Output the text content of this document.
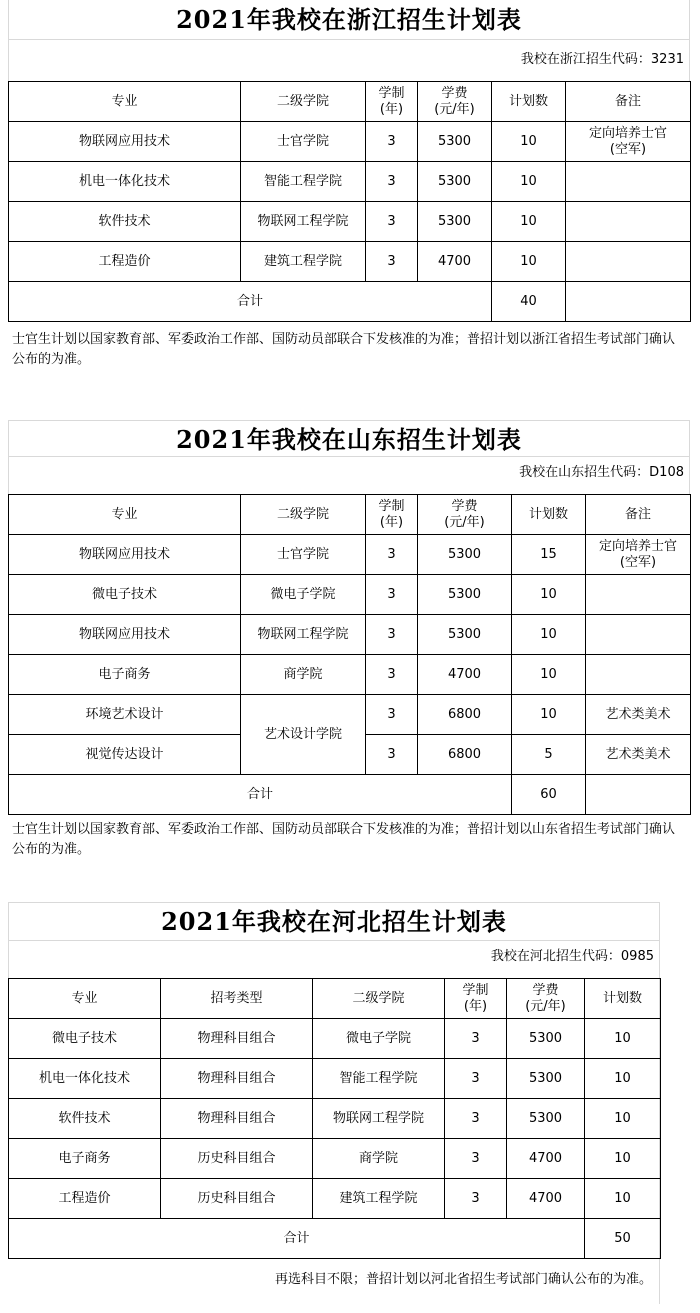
2021年我校在浙江招生计划表
我校在浙江招生代码：3231
专业	二级学院	学制
(年)	学费
(元/年)	计划数	备注
物联网应用技术	士官学院	3	5300	10	定向培养士官
(空军)
机电一体化技术	智能工程学院	3	5300	10	
软件技术	物联网工程学院	3	5300	10	
工程造价	建筑工程学院	3	4700	10	
合计				40	
士官生计划以国家教育部、军委政治工作部、国防动员部联合下发核准的为准；普招计划以浙江省招生考试部门确认公布的为准。
2021年我校在山东招生计划表
我校在山东招生代码：D108
专业	二级学院	学制
(年)	学费
(元/年)	计划数	备注
物联网应用技术	士官学院	3	5300	15	定向培养士官
(空军)
微电子技术	微电子学院	3	5300	10	
物联网应用技术	物联网工程学院	3	5300	10	
电子商务	商学院	3	4700	10	
环境艺术设计	艺术设计学院	3	6800	10	艺术类美术
视觉传达设计		3	6800	5	艺术类美术
合计				60	
士官生计划以国家教育部、军委政治工作部、国防动员部联合下发核准的为准；普招计划以山东省招生考试部门确认公布的为准。
2021年我校在河北招生计划表
我校在河北招生代码：0985
专业	招考类型	二级学院	学制
(年)	学费
(元/年)	计划数
微电子技术	物理科目组合	微电子学院	3	5300	10
机电一体化技术	物理科目组合	智能工程学院	3	5300	10
软件技术	物理科目组合	物联网工程学院	3	5300	10
电子商务	历史科目组合	商学院	3	4700	10
工程造价	历史科目组合	建筑工程学院	3	4700	10
合计					50
再选科目不限；普招计划以河北省招生考试部门确认公布的为准。
